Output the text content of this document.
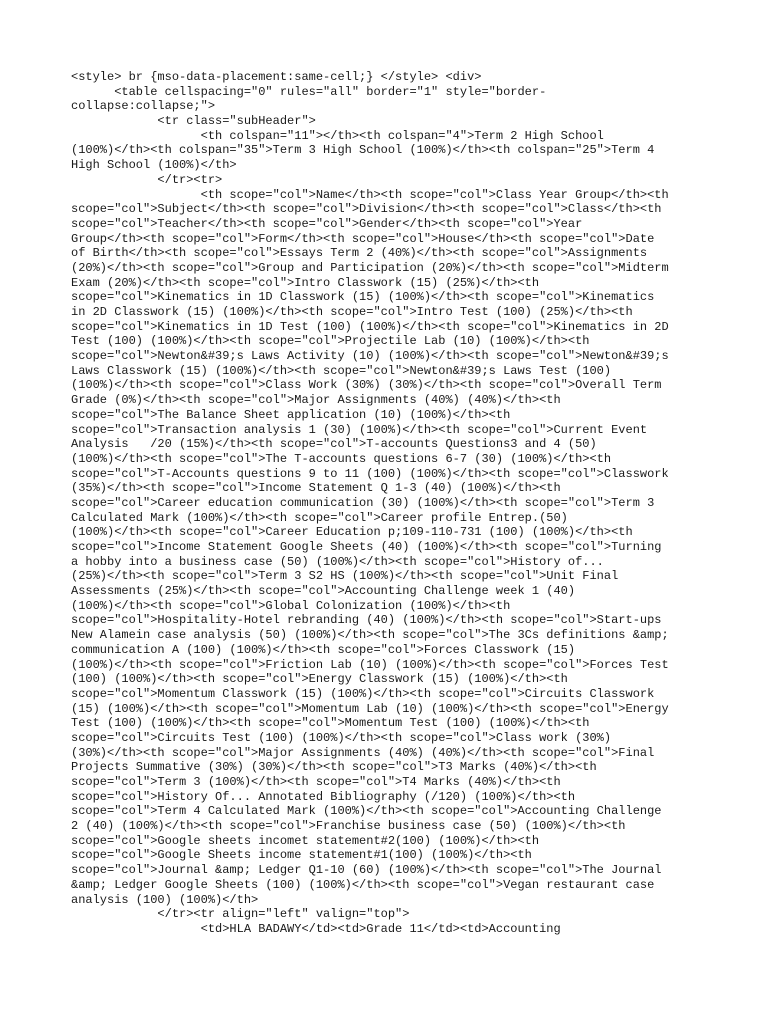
<style> br {mso-data-placement:same-cell;} </style> <div>
<table cellspacing="0" rules="all" border="1" style="border-
collapse:collapse;">
<tr class="subHeader">
<th colspan="11"></th><th colspan="4">Term 2 High School
(100%)</th><th colspan="35">Term 3 High School (100%)</th><th colspan="25">Term 4
High School (100%)</th>
</tr><tr>
<th scope="col">Name</th><th scope="col">Class Year Group</th><th
scope="col">Subject</th><th scope="col">Division</th><th scope="col">Class</th><th
scope="col">Teacher</th><th scope="col">Gender</th><th scope="col">Year
Group</th><th scope="col">Form</th><th scope="col">House</th><th scope="col">Date
of Birth</th><th scope="col">Essays Term 2 (40%)</th><th scope="col">Assignments
(20%)</th><th scope="col">Group and Participation (20%)</th><th scope="col">Midterm
Exam (20%)</th><th scope="col">Intro Classwork (15) (25%)</th><th
scope="col">Kinematics in 1D Classwork (15) (100%)</th><th scope="col">Kinematics
in 2D Classwork (15) (100%)</th><th scope="col">Intro Test (100) (25%)</th><th
scope="col">Kinematics in 1D Test (100) (100%)</th><th scope="col">Kinematics in 2D
Test (100) (100%)</th><th scope="col">Projectile Lab (10) (100%)</th><th
scope="col">Newton&#39;s Laws Activity (10) (100%)</th><th scope="col">Newton&#39;s
Laws Classwork (15) (100%)</th><th scope="col">Newton&#39;s Laws Test (100)
(100%)</th><th scope="col">Class Work (30%) (30%)</th><th scope="col">Overall Term
Grade (0%)</th><th scope="col">Major Assignments (40%) (40%)</th><th
scope="col">The Balance Sheet application (10) (100%)</th><th
scope="col">Transaction analysis 1 (30) (100%)</th><th scope="col">Current Event
Analysis   /20 (15%)</th><th scope="col">T-accounts Questions3 and 4 (50)
(100%)</th><th scope="col">The T-accounts questions 6-7 (30) (100%)</th><th
scope="col">T-Accounts questions 9 to 11 (100) (100%)</th><th scope="col">Classwork
(35%)</th><th scope="col">Income Statement Q 1-3 (40) (100%)</th><th
scope="col">Career education communication (30) (100%)</th><th scope="col">Term 3
Calculated Mark (100%)</th><th scope="col">Career profile Entrep.(50)
(100%)</th><th scope="col">Career Education p;109-110-731 (100) (100%)</th><th
scope="col">Income Statement Google Sheets (40) (100%)</th><th scope="col">Turning
a hobby into a business case (50) (100%)</th><th scope="col">History of...
(25%)</th><th scope="col">Term 3 S2 HS (100%)</th><th scope="col">Unit Final
Assessments (25%)</th><th scope="col">Accounting Challenge week 1 (40)
(100%)</th><th scope="col">Global Colonization (100%)</th><th
scope="col">Hospitality-Hotel rebranding (40) (100%)</th><th scope="col">Start-ups
New Alamein case analysis (50) (100%)</th><th scope="col">The 3Cs definitions &amp;
communication A (100) (100%)</th><th scope="col">Forces Classwork (15)
(100%)</th><th scope="col">Friction Lab (10) (100%)</th><th scope="col">Forces Test
(100) (100%)</th><th scope="col">Energy Classwork (15) (100%)</th><th
scope="col">Momentum Classwork (15) (100%)</th><th scope="col">Circuits Classwork
(15) (100%)</th><th scope="col">Momentum Lab (10) (100%)</th><th scope="col">Energy
Test (100) (100%)</th><th scope="col">Momentum Test (100) (100%)</th><th
scope="col">Circuits Test (100) (100%)</th><th scope="col">Class work (30%)
(30%)</th><th scope="col">Major Assignments (40%) (40%)</th><th scope="col">Final
Projects Summative (30%) (30%)</th><th scope="col">T3 Marks (40%)</th><th
scope="col">Term 3 (100%)</th><th scope="col">T4 Marks (40%)</th><th
scope="col">History Of... Annotated Bibliography (/120) (100%)</th><th
scope="col">Term 4 Calculated Mark (100%)</th><th scope="col">Accounting Challenge
2 (40) (100%)</th><th scope="col">Franchise business case (50) (100%)</th><th
scope="col">Google sheets incomet statement#2(100) (100%)</th><th
scope="col">Google Sheets income statement#1(100) (100%)</th><th
scope="col">Journal &amp; Ledger Q1-10 (60) (100%)</th><th scope="col">The Journal
&amp; Ledger Google Sheets (100) (100%)</th><th scope="col">Vegan restaurant case
analysis (100) (100%)</th>
</tr><tr align="left" valign="top">
<td>HLA BADAWY</td><td>Grade 11</td><td>Accounting
